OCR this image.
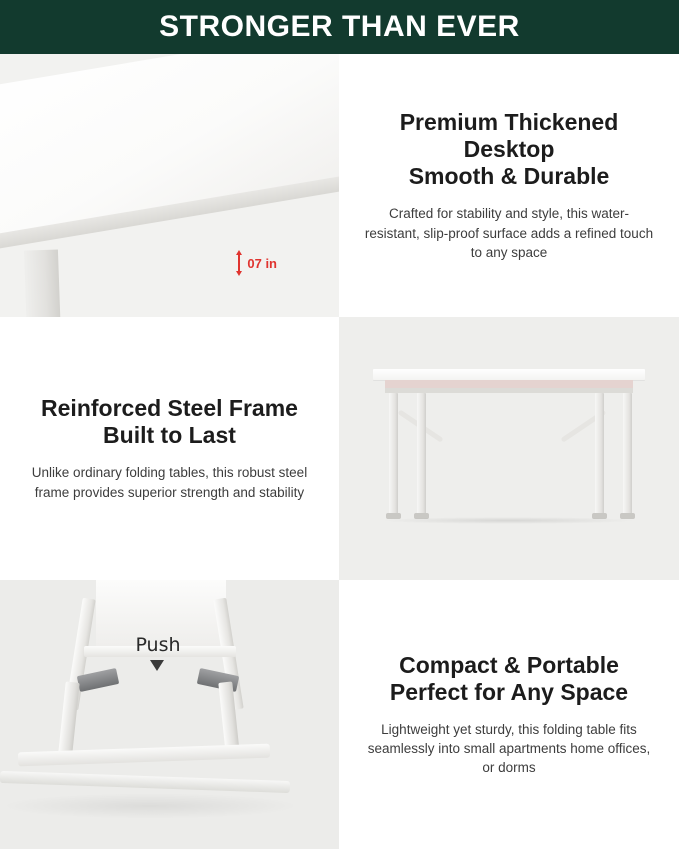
STRONGER THAN EVER
07 in
Premium Thickened Desktop
Smooth & Durable
Crafted for stability and style, this water-resistant, slip-proof surface adds a refined touch to any space
Reinforced Steel Frame
Built to Last
Unlike ordinary folding tables, this robust steel frame provides superior strength and stability
Push
Compact & Portable
Perfect for Any Space
Lightweight yet sturdy, this folding table fits seamlessly into small apartments home offices, or dorms
